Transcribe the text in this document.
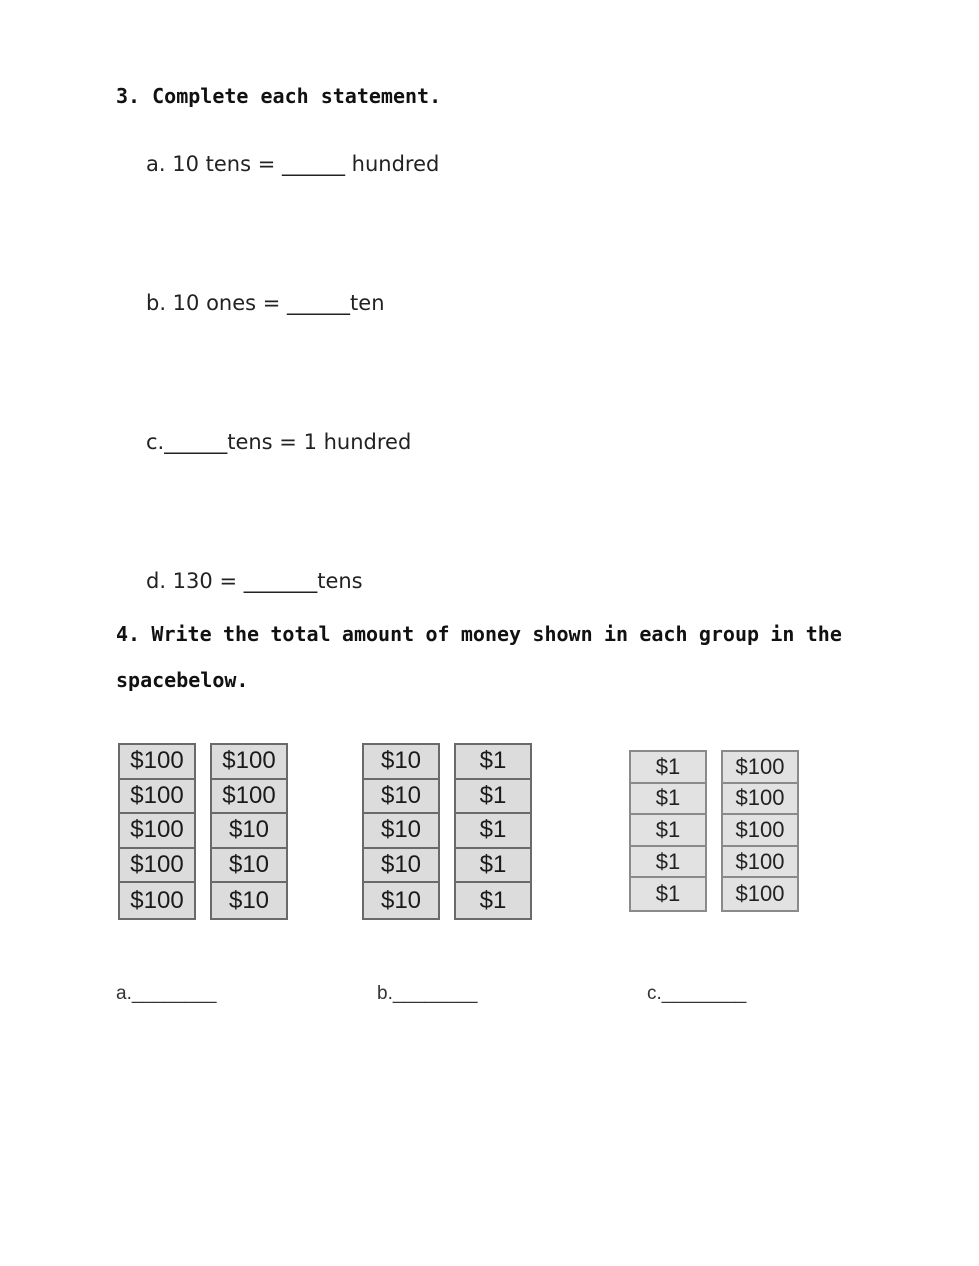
3. Complete each statement.
a. 10 tens = ______ hundred
b. 10 ones = ______ten
c.______tens = 1 hundred
d. 130 = _______tens
4. Write the total amount of money shown in each group in the
spacebelow.
$100
$100
$100
$100
$100
$100
$100
$10
$10
$10
$10
$10
$10
$10
$10
$1
$1
$1
$1
$1
$1
$1
$1
$1
$1
$100
$100
$100
$100
$100
a.________	b.________	c.________
